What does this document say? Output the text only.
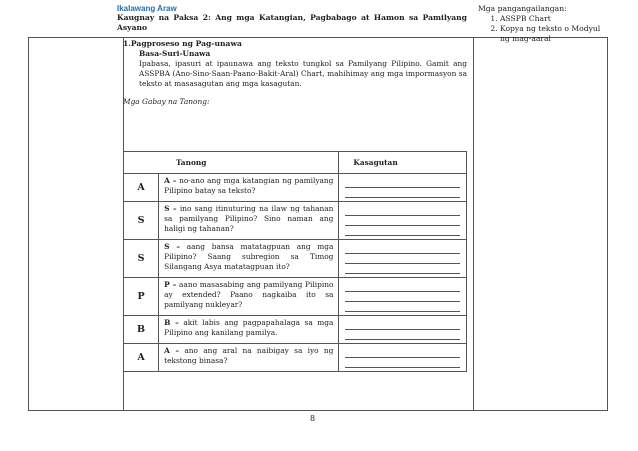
Ikalawang Araw
Kaugnay na Paksa 2: Ang mga Katangian, Pagbabago at Hamon sa Pamilyang Asyano
1.Pagproseso ng Pag-unawa
Basa-Suri-Unawa
Ipabasa, ipasuri at ipaunawa ang teksto tungkol sa Pamilyang Pilipino. Gamit ang ASSPBA (Ano-Sino-Saan-Paano-Bakit-Aral) Chart, mahihimay ang mga impormasyon sa teksto at masasagutan ang mga kasagutan.
Mga Gabay na Tanong:
Tanong		Kasagutan
A	A – no-ano ang mga katangian ng pamilyang Pilipino batay sa teksto?	

S	S – ino sang itinuturing na ilaw ng tahanan sa pamilyang Pilipino? Sino naman ang haligi ng tahanan?	

S	S – aang bansa matatagpuan ang mga Pilipino? Saang subregion sa Timog Silangang Asya matatagpuan ito?	

P	P – aano masasabing ang pamilyang Pilipino ay extended? Paano nagkaiba ito sa pamilyang nukleyar?	

B	B – akit labis ang pagpapahalaga sa mga Pilipino ang kanilang pamilya.	

A	A – ano ang aral na naibigay sa iyo ng tekstong binasa?	
Mga pangangailangan:
1. ASSPB Chart
2. Kopya ng teksto o Modyul ng mag-aaral
8
